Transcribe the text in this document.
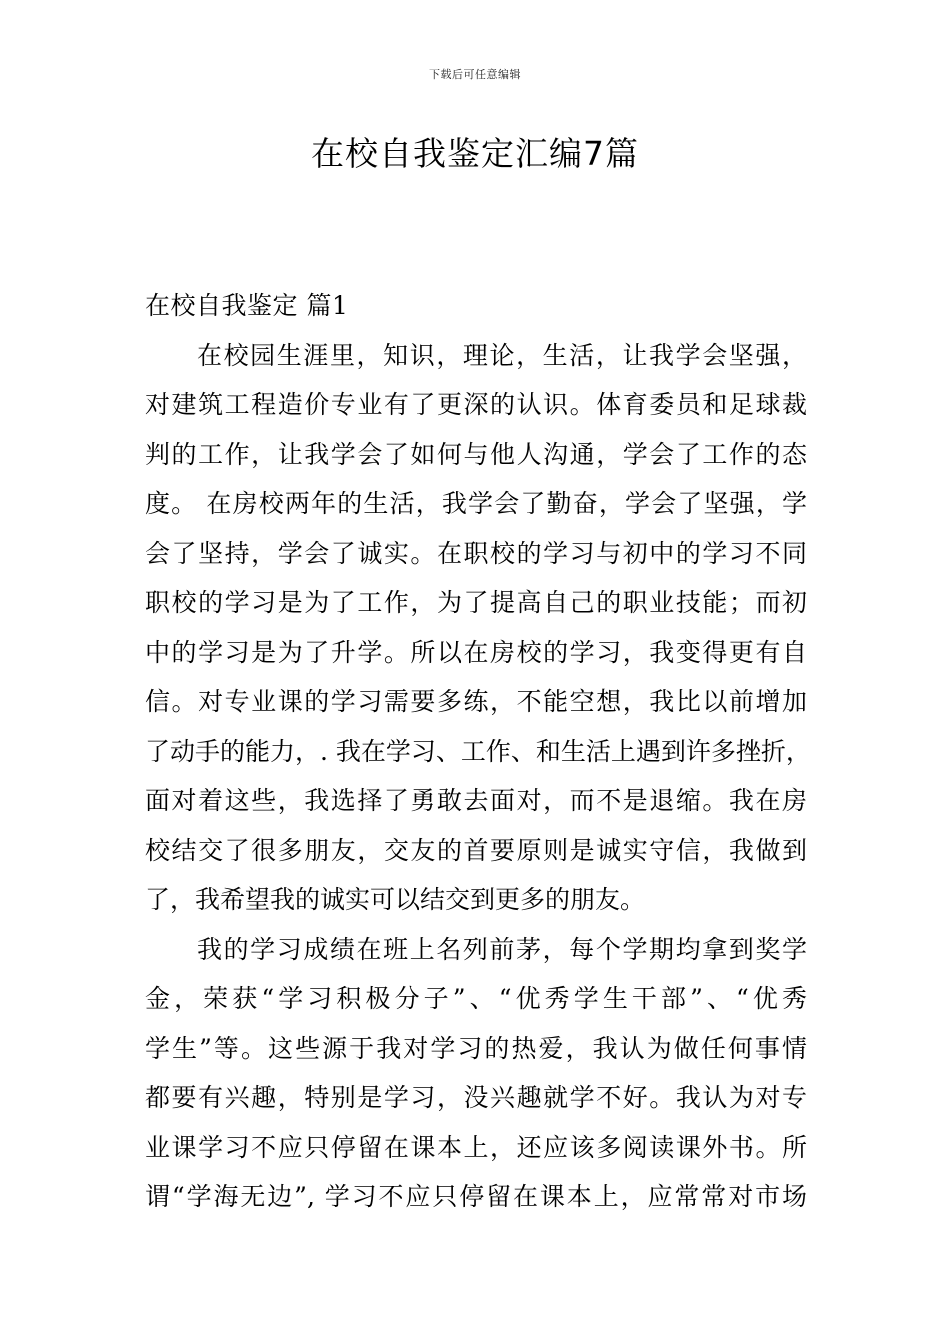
下载后可任意编辑
在校自我鉴定汇编7篇
在校自我鉴定 篇1
在校园生涯里，知识，理论，生活，让我学会坚强，
对建筑工程造价专业有了更深的认识。体育委员和足球裁
判的工作，让我学会了如何与他人沟通，学会了工作的态
度。 在房校两年的生活，我学会了勤奋，学会了坚强，学
会了坚持，学会了诚实。在职校的学习与初中的学习不同
职校的学习是为了工作，为了提高自己的职业技能；而初
中的学习是为了升学。所以在房校的学习，我变得更有自
信。对专业课的学习需要多练，不能空想，我比以前增加
了动手的能力，. 我在学习、工作、和生活上遇到许多挫折，
面对着这些，我选择了勇敢去面对，而不是退缩。我在房
校结交了很多朋友，交友的首要原则是诚实守信，我做到
了，我希望我的诚实可以结交到更多的朋友。
我的学习成绩在班上名列前茅，每个学期均拿到奖学
金，荣获“学习积极分子”、“优秀学生干部”、“优秀
学生”等。这些源于我对学习的热爱，我认为做任何事情
都要有兴趣，特别是学习，没兴趣就学不好。我认为对专
业课学习不应只停留在课本上，还应该多阅读课外书。所
谓“学海无边”, 学习不应只停留在课本上，应常常对市场
